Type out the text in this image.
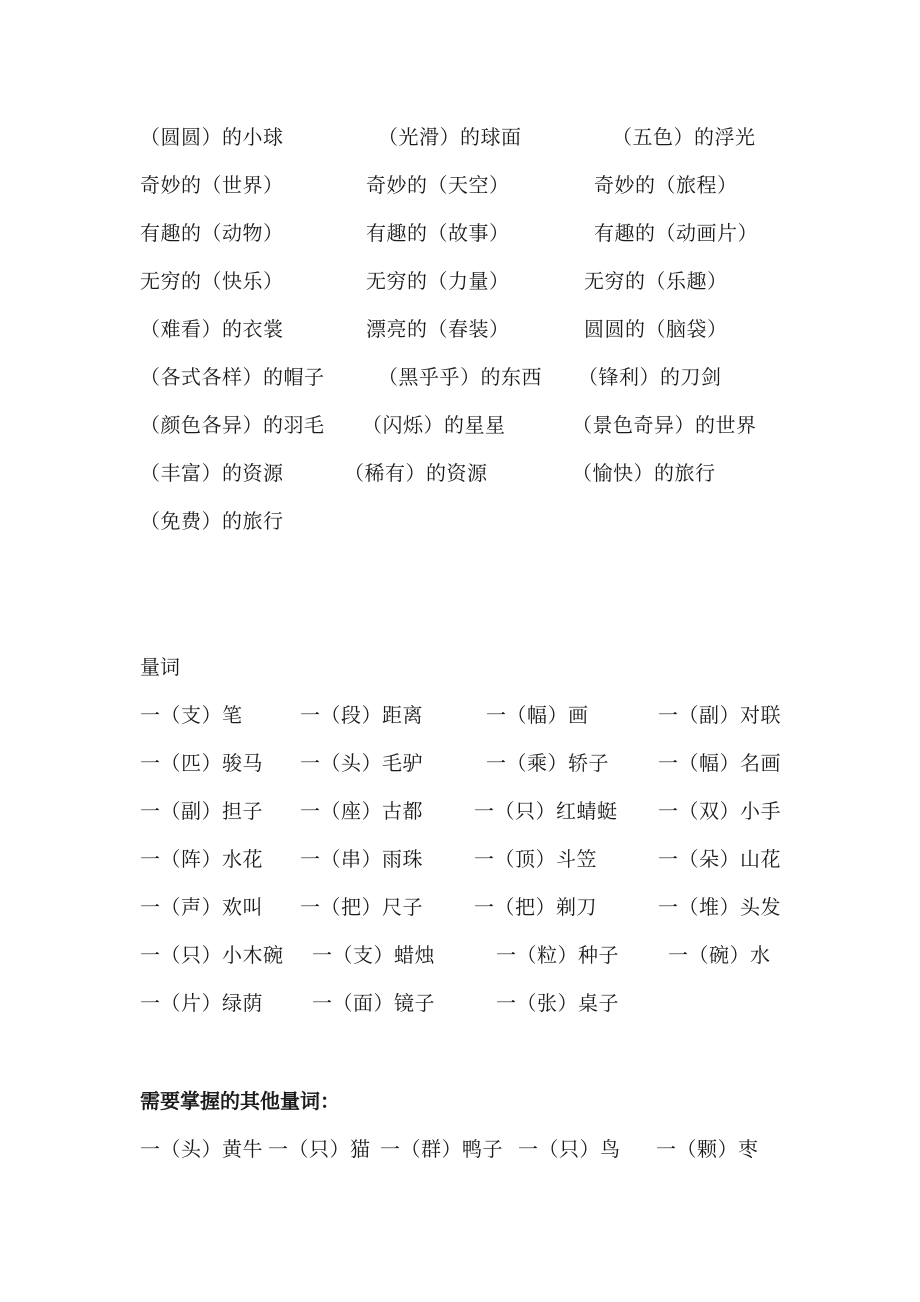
（圆圆）的小球	（光滑）的球面	（五色）的浮光
奇妙的（世界）	奇妙的（天空）	奇妙的（旅程）
有趣的（动物）	有趣的（故事）	有趣的（动画片）
无穷的（快乐）	无穷的（力量）	无穷的（乐趣）
（难看）的衣裳	漂亮的（春装）	圆圆的（脑袋）
（各式各样）的帽子	（黑乎乎）的东西 （锋利）的刀剑
（颜色各异）的羽毛 （闪烁）的星星	（景色奇异）的世界
（丰富）的资源	（稀有）的资源	（愉快）的旅行
（免费）的旅行
量词
一（支）笔	一（段）距离	一（幅）画	一（副）对联
一（匹）骏马 一（头）毛驴	一（乘）轿子 一（幅）名画
一（副）担子 一（座）古都	一（只）红蜻蜓 一（双）小手
一（阵）水花 一（串）雨珠	一（顶）斗笠	一（朵）山花
一（声）欢叫 一（把）尺子	一（把）剃刀	一（堆）头发
一（只）小木碗 一（支）蜡烛	一（粒）种子 一（碗）水
一（片）绿荫 一（面）镜子	一（张）桌子
需要掌握的其他量词：
一（头）黄牛 一（只）猫 一（群）鸭子 一（只）鸟 一（颗）枣
